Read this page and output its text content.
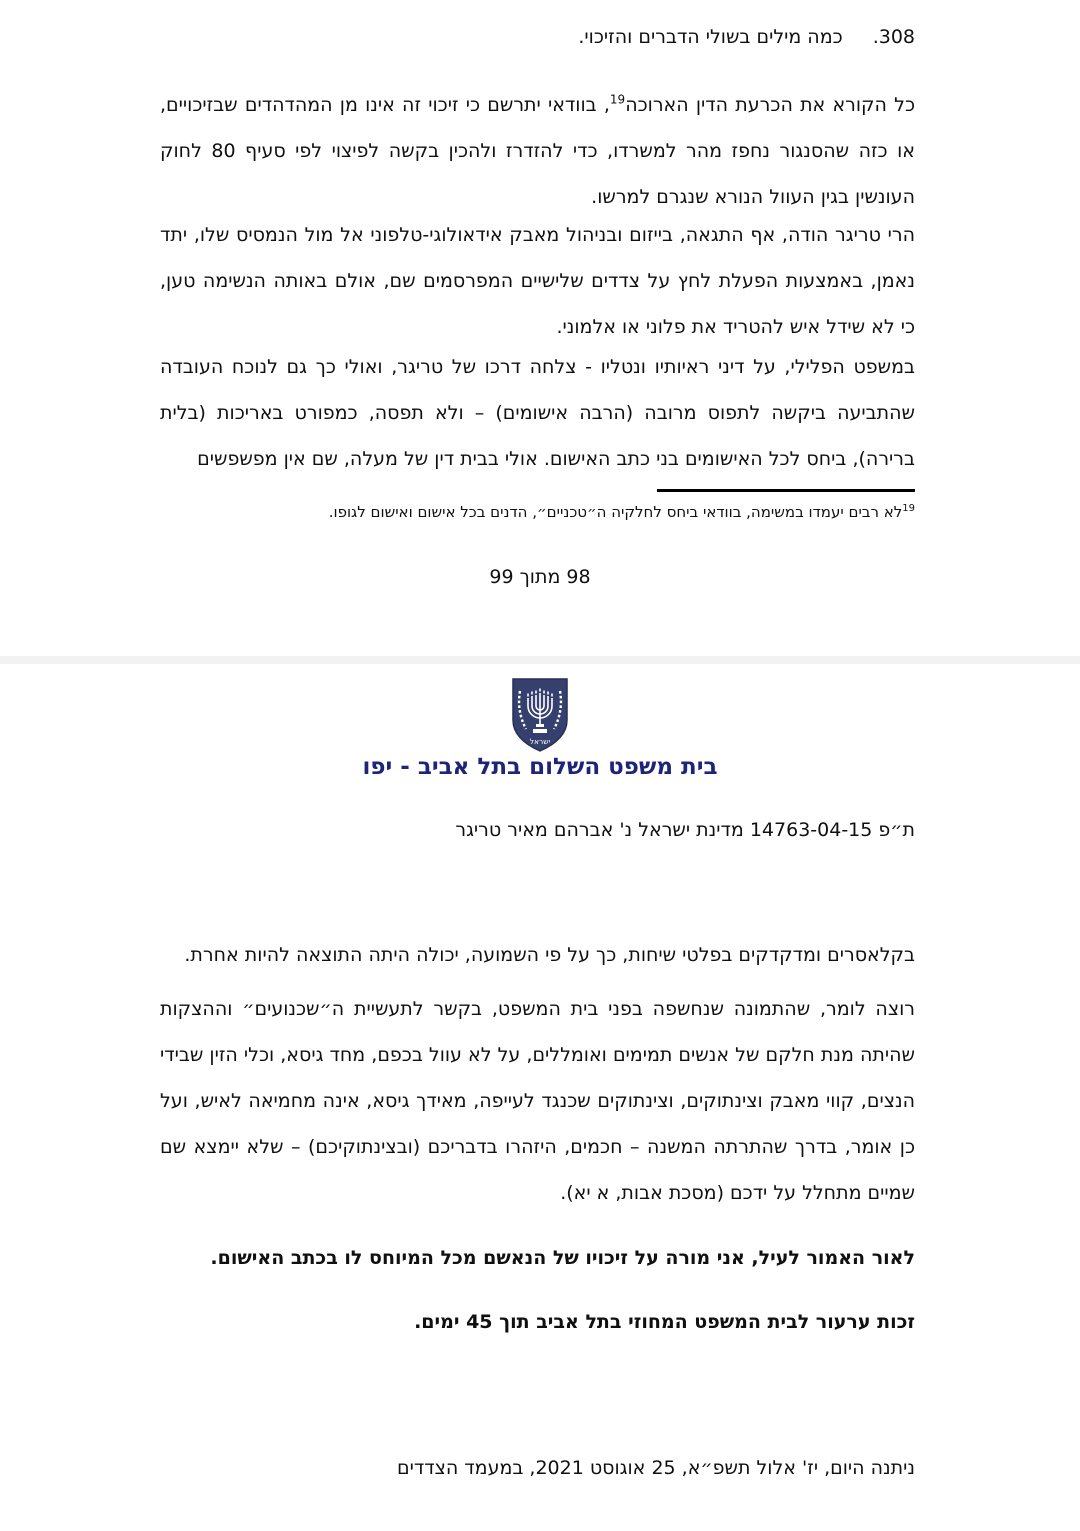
308.
כמה מילים בשולי הדברים והזיכוי.
כל הקורא את הכרעת הדין הארוכה$^{19}$, בוודאי יתרשם כי זיכוי זה אינו מן המהדהדים שבזיכויים, או כזה שהסנגור נחפז מהר למשרדו, כדי להזדרז ולהכין בקשה לפיצוי לפי סעיף 80 לחוק העונשין בגין העוול הנורא שנגרם למרשו.
הרי טריגר הודה, אף התגאה, בייזום ובניהול מאבק אידאולוגי-טלפוני אל מול הנמסיס שלו, יתד נאמן, באמצעות הפעלת לחץ על צדדים שלישיים המפרסמים שם, אולם באותה הנשימה טען, כי לא שידל איש להטריד את פלוני או אלמוני.
במשפט הפלילי, על דיני ראיותיו ונטליו - צלחה דרכו של טריגר, ואולי כך גם לנוכח העובדה שהתביעה ביקשה לתפוס מרובה (הרבה אישומים) – ולא תפסה, כמפורט באריכות (בלית ברירה), ביחס לכל האישומים בני כתב האישום. אולי בבית דין של מעלה, שם אין מפשפשים
$^{19}$לא רבים יעמדו במשימה, בוודאי ביחס לחלקיה ה״טכניים״, הדנים בכל אישום ואישום לגופו.
98 מתוך 99
ישראל
בית משפט השלום בתל אביב - יפו
ת״פ 14763-04-15 מדינת ישראל נ' אברהם מאיר טריגר
בקלאסרים ומדקדקים בפלטי שיחות, כך על פי השמועה, יכולה היתה התוצאה להיות אחרת.
רוצה לומר, שהתמונה שנחשפה בפני בית המשפט, בקשר לתעשיית ה״שכנועים״ וההצקות שהיתה מנת חלקם של אנשים תמימים ואומללים, על לא עוול בכפם, מחד גיסא, וכלי הזין שבידי הנצים, קווי מאבק וצינתוקים, וצינתוקים שכנגד לעייפה, מאידך גיסא, אינה מחמיאה לאיש, ועל כן אומר, בדרך שהתרתה המשנה – חכמים, היזהרו בדבריכם (ובצינתוקיכם) – שלא יימצא שם שמיים מתחלל על ידכם (מסכת אבות, א יא).
לאור האמור לעיל, אני מורה על זיכויו של הנאשם מכל המיוחס לו בכתב האישום.
זכות ערעור לבית המשפט המחוזי בתל אביב תוך 45 ימים.
ניתנה היום, יז' אלול תשפ״א, 25 אוגוסט 2021, במעמד הצדדים
